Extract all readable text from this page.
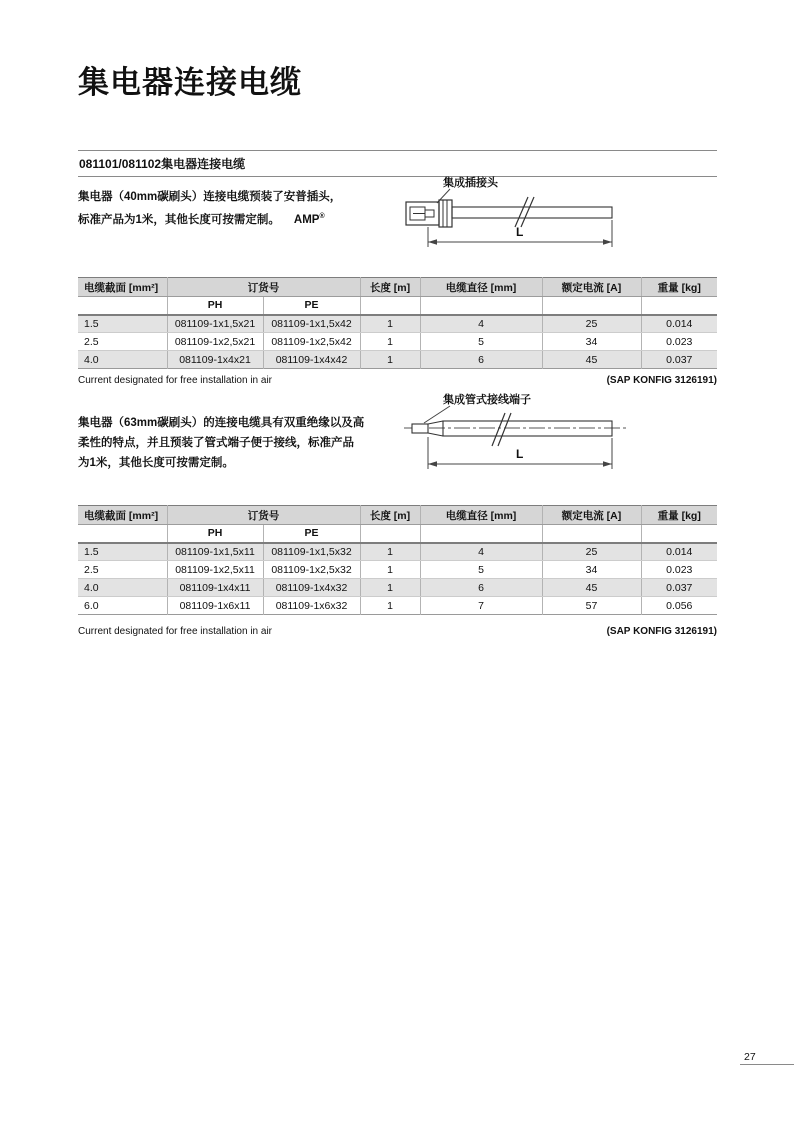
集电器连接电缆
081101/081102集电器连接电缆
集电器（40mm碳刷头）连接电缆预装了安普插头，
标准产品为1米，其他长度可按需定制。 AMP®
集成插接头
L
电缆截面 [mm²]	订货号		长度 [m]	电缆直径 [mm]	额定电流 [A]	重量 [kg]
	PH	PE				
1.5	081109-1x1,5x21	081109-1x1,5x42	1	4	25	0.014
2.5	081109-1x2,5x21	081109-1x2,5x42	1	5	34	0.023
4.0	081109-1x4x21	081109-1x4x42	1	6	45	0.037
Current designated for free installation in air	(SAP KONFIG 3126191)
集电器（63mm碳刷头）的连接电缆具有双重绝缘以及高
柔性的特点，并且预装了管式端子便于接线，标准产品
为1米，其他长度可按需定制。
集成管式接线端子
L
电缆截面 [mm²]	订货号		长度 [m]	电缆直径 [mm]	额定电流 [A]	重量 [kg]
	PH	PE				
1.5	081109-1x1,5x11	081109-1x1,5x32	1	4	25	0.014
2.5	081109-1x2,5x11	081109-1x2,5x32	1	5	34	0.023
4.0	081109-1x4x11	081109-1x4x32	1	6	45	0.037
6.0	081109-1x6x11	081109-1x6x32	1	7	57	0.056
Current designated for free installation in air	(SAP KONFIG 3126191)
27
